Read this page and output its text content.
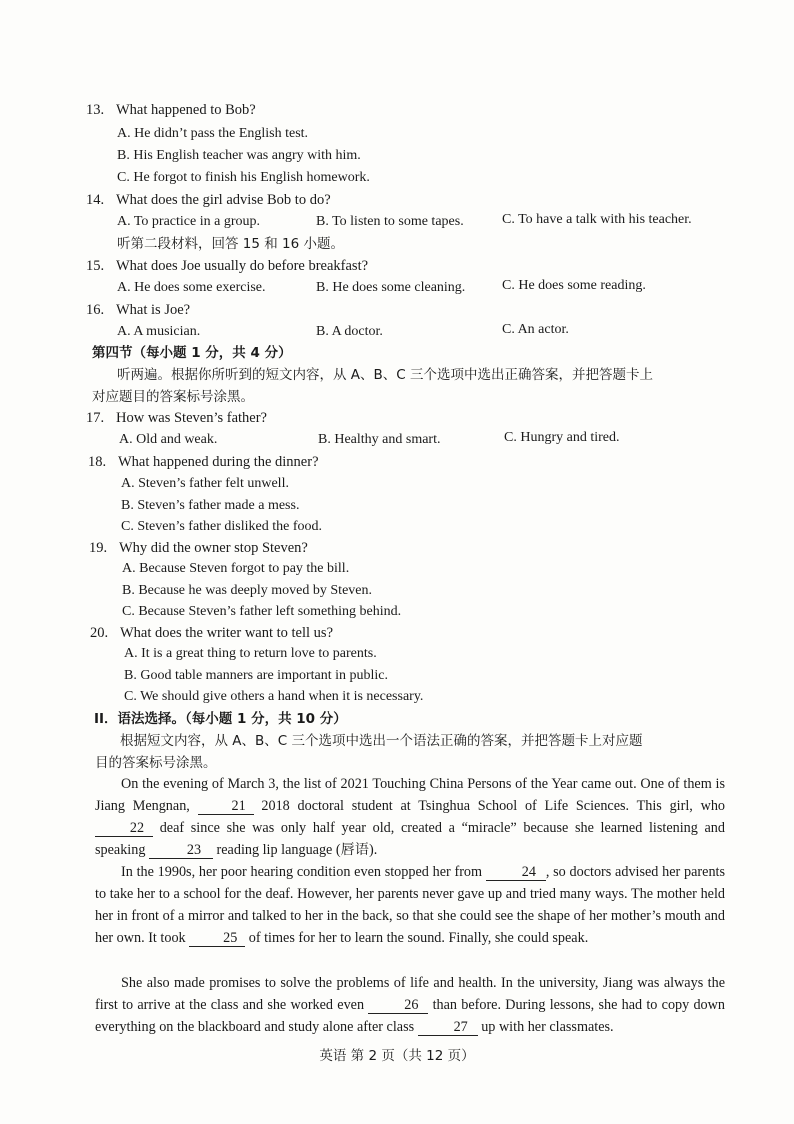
13. What happened to Bob?
A. He didn’t pass the English test.
B. His English teacher was angry with him.
C. He forgot to finish his English homework.
14. What does the girl advise Bob to do?
A. To practice in a group.	B. To listen to some tapes.	C. To have a talk with his teacher.
听第二段材料，回答 15 和 16 小题。
15. What does Joe usually do before breakfast?
A. He does some exercise.	B. He does some cleaning.	C. He does some reading.
16. What is Joe?
A. A musician.	B. A doctor.	C. An actor.
第四节（每小题 1 分，共 4 分）
听两遍。根据你所听到的短文内容，从 A、B、C 三个选项中选出正确答案，并把答题卡上
对应题目的答案标号涂黑。
17. How was Steven’s father?
A. Old and weak.	B. Healthy and smart.	C. Hungry and tired.
18. What happened during the dinner?
A. Steven’s father felt unwell.
B. Steven’s father made a mess.
C. Steven’s father disliked the food.
19. Why did the owner stop Steven?
A. Because Steven forgot to pay the bill.
B. Because he was deeply moved by Steven.
C. Because Steven’s father left something behind.
20. What does the writer want to tell us?
A. It is a great thing to return love to parents.
B. Good table manners are important in public.
C. We should give others a hand when it is necessary.
II．语法选择。（每小题 1 分，共 10 分）
根据短文内容，从 A、B、C 三个选项中选出一个语法正确的答案，并把答题卡上对应题
目的答案标号涂黑。
On the evening of March 3, the list of 2021 Touching China Persons of the Year came out. One of them is Jiang Mengnan,	21 2018 doctoral student at Tsinghua School of Life Sciences. This girl, who 22 deaf since she was only half year old, created a “miracle” because she learned listening and speaking	23 reading lip language (唇语).
In the 1990s, her poor hearing condition even stopped her from	24 , so doctors advised her parents to take her to a school for the deaf. However, her parents never gave up and tried many ways. The mother held her in front of a mirror and talked to her in the back, so that she could see the shape of her mother’s mouth and her own. It took	25 of times for her to learn the sound. Finally, she could speak.
She also made promises to solve the problems of life and health. In the university, Jiang was always the first to arrive at the class and she worked even	26 than before. During lessons, she had to copy down everything on the blackboard and study alone after class	27 up with her classmates.
英语 第 2 页（共 12 页）
